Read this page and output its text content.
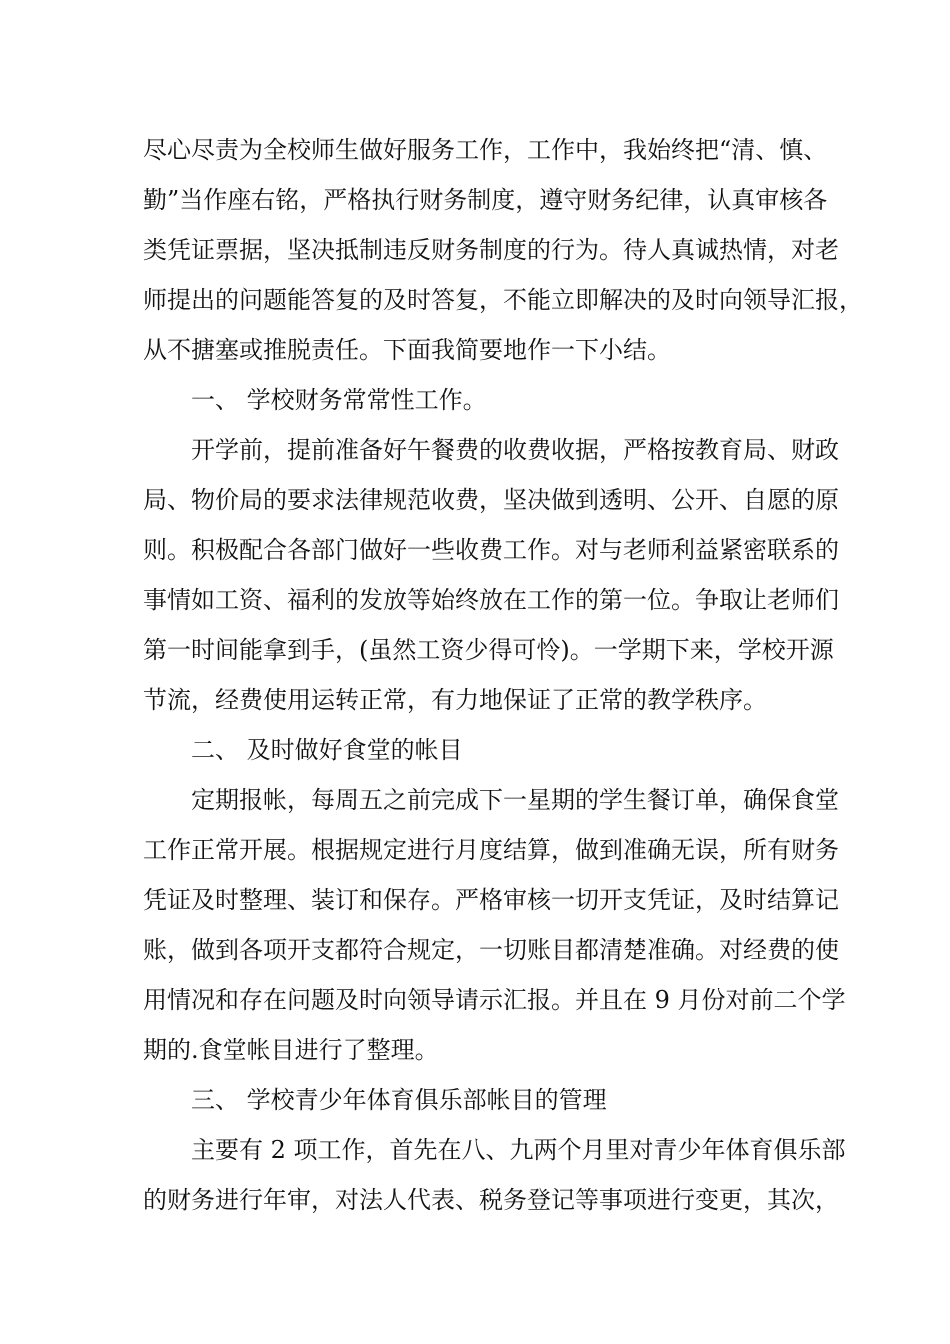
尽心尽责为全校师生做好服务工作，工作中，我始终把“清、慎、
勤”当作座右铭，严格执行财务制度，遵守财务纪律，认真审核各
类凭证票据，坚决抵制违反财务制度的行为。待人真诚热情，对老
师提出的问题能答复的及时答复，不能立即解决的及时向领导汇报，
从不搪塞或推脱责任。下面我简要地作一下小结。
　　一、 学校财务常常性工作。
　　开学前，提前准备好午餐费的收费收据，严格按教育局、财政
局、物价局的要求法律规范收费，坚决做到透明、公开、自愿的原
则。积极配合各部门做好一些收费工作。对与老师利益紧密联系的
事情如工资、福利的发放等始终放在工作的第一位。争取让老师们
第一时间能拿到手，(虽然工资少得可怜)。一学期下来，学校开源
节流，经费使用运转正常，有力地保证了正常的教学秩序。
　　二、 及时做好食堂的帐目
　　定期报帐，每周五之前完成下一星期的学生餐订单，确保食堂
工作正常开展。根据规定进行月度结算，做到准确无误，所有财务
凭证及时整理、装订和保存。严格审核一切开支凭证，及时结算记
账，做到各项开支都符合规定，一切账目都清楚准确。对经费的使
用情况和存在问题及时向领导请示汇报。并且在 9 月份对前二个学
期的.食堂帐目进行了整理。
　　三、 学校青少年体育俱乐部帐目的管理
　　主要有 2 项工作，首先在八、九两个月里对青少年体育俱乐部
的财务进行年审，对法人代表、税务登记等事项进行变更，其次，
